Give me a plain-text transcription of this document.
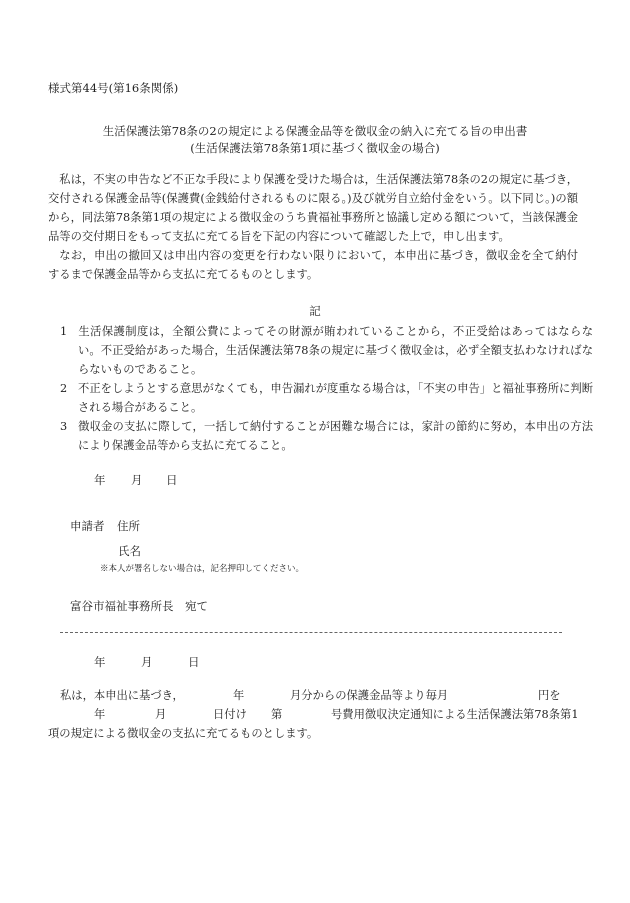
様式第44号(第16条関係)
生活保護法第78条の2の規定による保護金品等を徴収金の納入に充てる旨の申出書
(生活保護法第78条第1項に基づく徴収金の場合)
私は，不実の申告など不正な手段により保護を受けた場合は，生活保護法第78条の2の規定に基づき，交付される保護金品等(保護費(金銭給付されるものに限る。)及び就労自立給付金をいう。以下同じ。)の額から，同法第78条第1項の規定による徴収金のうち貴福祉事務所と協議し定める額について，当該保護金品等の交付期日をもって支払に充てる旨を下記の内容について確認した上で，申し出ます。
なお，申出の撤回又は申出内容の変更を行わない限りにおいて，本申出に基づき，徴収金を全て納付するまで保護金品等から支払に充てるものとします。
記
1 生活保護制度は，全額公費によってその財源が賄われていることから，不正受給はあってはならない。不正受給があった場合，生活保護法第78条の規定に基づく徴収金は，必ず全額支払わなければならないものであること。
2 不正をしようとする意思がなくても，申告漏れが度重なる場合は，「不実の申告」と福祉事務所に判断される場合があること。
3 徴収金の支払に際して，一括して納付することが困難な場合には，家計の節約に努め，本申出の方法により保護金品等から支払に充てること。
年 月 日
申請者 住所
氏名
※本人が署名しない場合は，記名押印してください。
富谷市福祉事務所長　宛て
年	月	日
私は，本申出に基づき，	年	月分からの保護金品等より毎月	円を
年	月	日付け 第	号費用徴収決定通知による生活保護法第78条第1
項の規定による徴収金の支払に充てるものとします。
